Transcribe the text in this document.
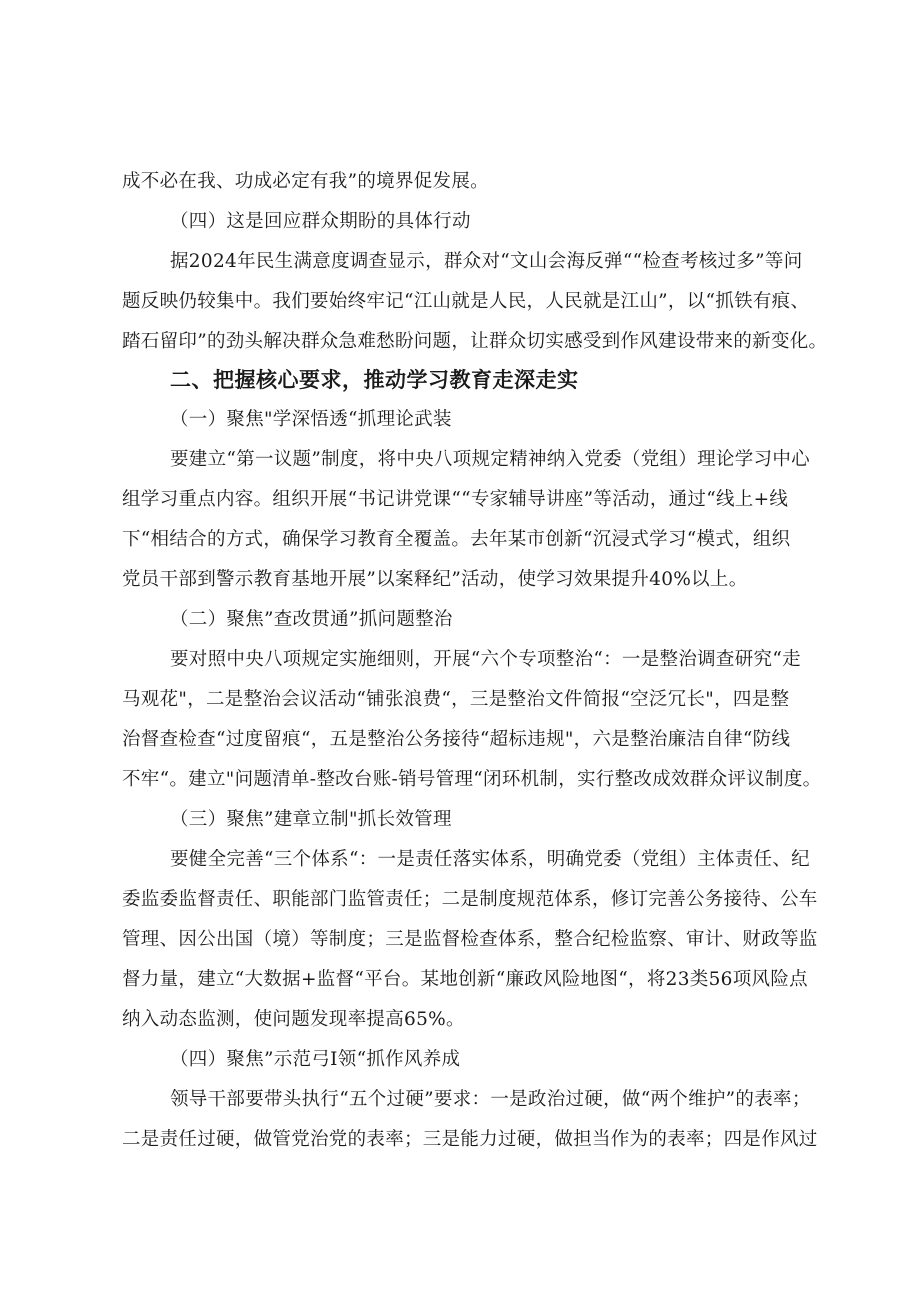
成不必在我、功成必定有我”的境界促发展。
（四）这是回应群众期盼的具体行动
据2024年民生满意度调查显示，群众对“文山会海反弹““检查考核过多”等问
题反映仍较集中。我们要始终牢记“江山就是人民，人民就是江山”，以“抓铁有痕、
踏石留印”的劲头解决群众急难愁盼问题，让群众切实感受到作风建设带来的新变化。
二、把握核心要求，推动学习教育走深走实
（一）聚焦"学深悟透“抓理论武装
要建立“第一议题”制度，将中央八项规定精神纳入党委（党组）理论学习中心
组学习重点内容。组织开展“书记讲党课““专家辅导讲座”等活动，通过“线上+线
下“相结合的方式，确保学习教育全覆盖。去年某市创新“沉浸式学习“模式，组织
党员干部到警示教育基地开展”以案释纪”活动，使学习效果提升40%以上。
（二）聚焦”查改贯通”抓问题整治
要对照中央八项规定实施细则，开展“六个专项整治“：一是整治调查研究“走
马观花"，二是整治会议活动“铺张浪费“，三是整治文件简报“空泛冗长"，四是整
治督查检查“过度留痕“，五是整治公务接待“超标违规"，六是整治廉洁自律“防线
不牢“。建立"问题清单-整改台账-销号管理“闭环机制，实行整改成效群众评议制度。
（三）聚焦”建章立制"抓长效管理
要健全完善“三个体系“：一是责任落实体系，明确党委（党组）主体责任、纪
委监委监督责任、职能部门监管责任；二是制度规范体系，修订完善公务接待、公车
管理、因公出国（境）等制度；三是监督检查体系，整合纪检监察、审计、财政等监
督力量，建立“大数据+监督“平台。某地创新“廉政风险地图“，将23类56项风险点
纳入动态监测，使问题发现率提高65%。
（四）聚焦”示范弓I领“抓作风养成
领导干部要带头执行“五个过硬”要求：一是政治过硬，做“两个维护”的表率；
二是责任过硬，做管党治党的表率；三是能力过硬，做担当作为的表率；四是作风过
